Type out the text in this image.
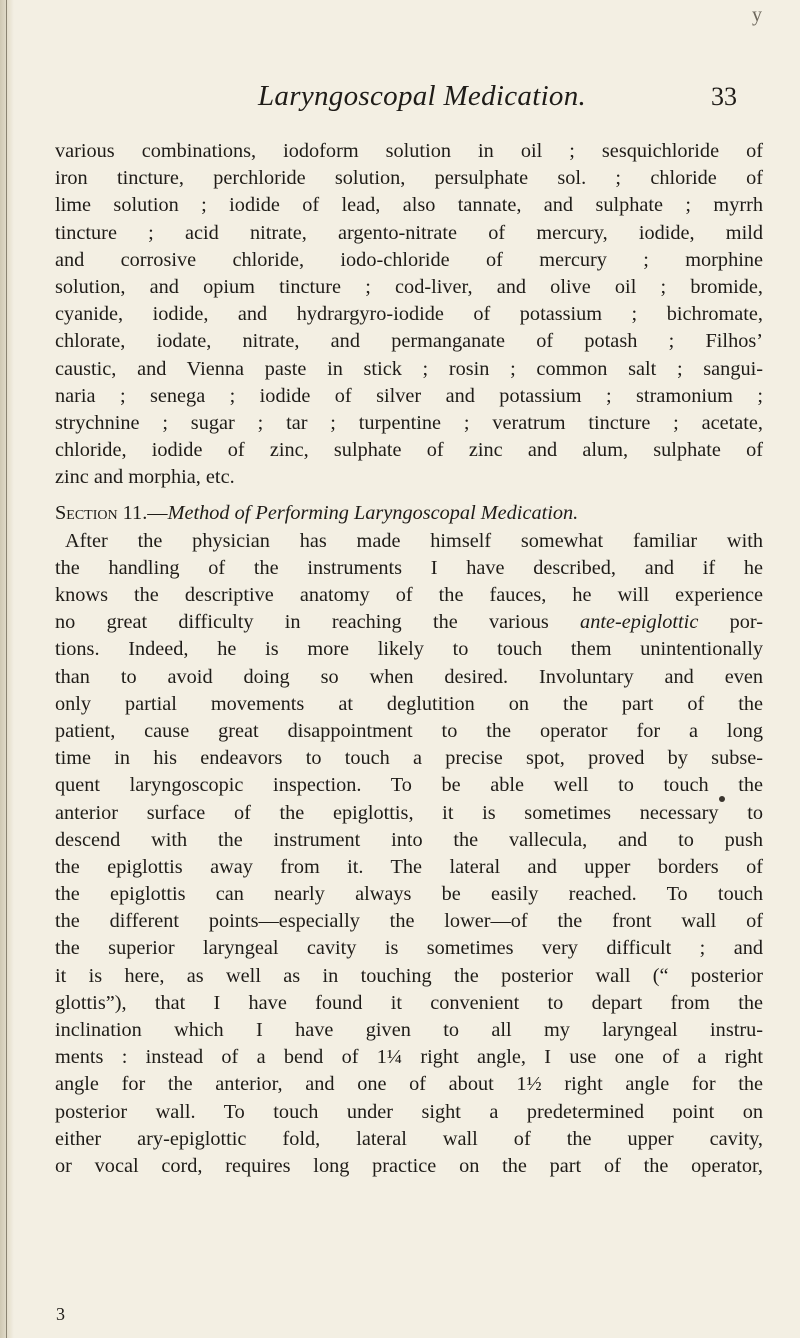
Laryngoscopal Medication.	33
y
various combinations, iodoform solution in oil ; sesquichloride of
iron tincture, perchloride solution, persulphate sol. ; chloride of
lime solution ; iodide of lead, also tannate, and sulphate ; myrrh
tincture ; acid nitrate, argento-nitrate of mercury, iodide, mild
and corrosive chloride, iodo-chloride of mercury ; morphine
solution, and opium tincture ; cod-liver, and olive oil ; bromide,
cyanide, iodide, and hydrargyro-iodide of potassium ; bichromate,
chlorate, iodate, nitrate, and permanganate of potash ; Filhos’
caustic, and Vienna paste in stick ; rosin ; common salt ; sangui-
naria ; senega ; iodide of silver and potassium ; stramonium ;
strychnine ; sugar ; tar ; turpentine ; veratrum tincture ; acetate,
chloride, iodide of zinc, sulphate of zinc and alum, sulphate of
zinc and morphia, etc.
Section 11.—Method of Performing Laryngoscopal Medication.
After the physician has made himself somewhat familiar with
the handling of the instruments I have described, and if he
knows the descriptive anatomy of the fauces, he will experience
no great difficulty in reaching the various ante-epiglottic por-
tions. Indeed, he is more likely to touch them unintentionally
than to avoid doing so when desired. Involuntary and even
only partial movements at deglutition on the part of the
patient, cause great disappointment to the operator for a long
time in his endeavors to touch a precise spot, proved by subse-
quent laryngoscopic inspection. To be able well to touch the
anterior surface of the epiglottis, it is sometimes necessary to
descend with the instrument into the vallecula, and to push
the epiglottis away from it. The lateral and upper borders of
the epiglottis can nearly always be easily reached. To touch
the different points—especially the lower—of the front wall of
the superior laryngeal cavity is sometimes very difficult ; and
it is here, as well as in touching the posterior wall (“ posterior
glottis”), that I have found it convenient to depart from the
inclination which I have given to all my laryngeal instru-
ments : instead of a bend of 1¼ right angle, I use one of a right
angle for the anterior, and one of about 1½ right angle for the
posterior wall. To touch under sight a predetermined point on
either ary-epiglottic fold, lateral wall of the upper cavity,
or vocal cord, requires long practice on the part of the operator,
3
